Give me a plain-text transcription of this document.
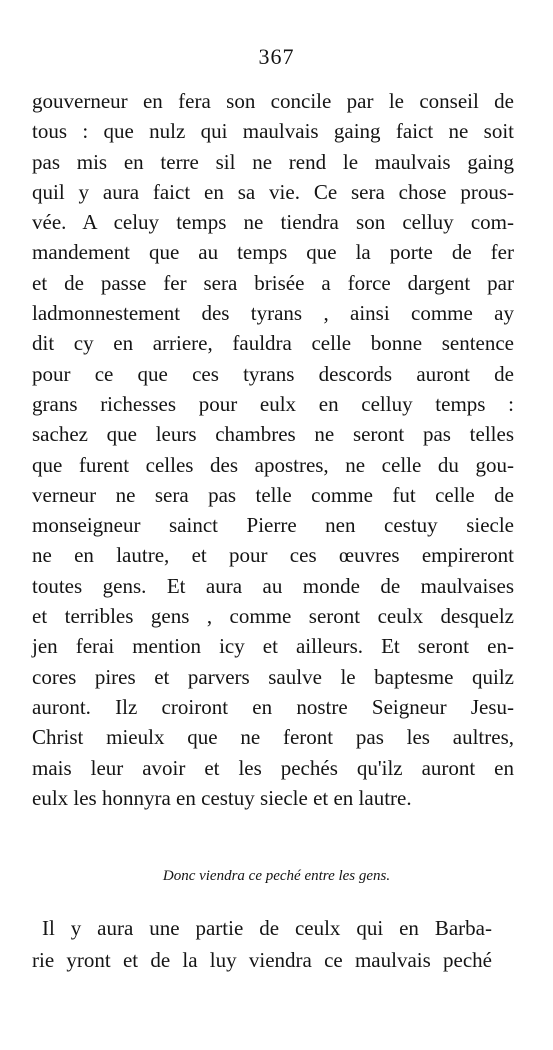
367
gouverneur en fera son concile par le conseil de
tous : que nulz qui maulvais gaing faict ne soit
pas mis en terre sil ne rend le maulvais gaing
quil y aura faict en sa vie. Ce sera chose prous-
vée. A celuy temps ne tiendra son celluy com-
mandement que au temps que la porte de fer
et de passe fer sera brisée a force dargent par
ladmonnestement des tyrans , ainsi comme ay
dit cy en arriere, fauldra celle bonne sentence
pour ce que ces tyrans descords auront de
grans richesses pour eulx en celluy temps :
sachez que leurs chambres ne seront pas telles
que furent celles des apostres, ne celle du gou-
verneur ne sera pas telle comme fut celle de
monseigneur sainct Pierre nen cestuy siecle
ne en lautre, et pour ces œuvres empireront
toutes gens. Et aura au monde de maulvaises
et terribles gens , comme seront ceulx desquelz
jen ferai mention icy et ailleurs. Et seront en-
cores pires et parvers saulve le baptesme quilz
auront. Ilz croiront en nostre Seigneur Jesu-
Christ mieulx que ne feront pas les aultres,
mais leur avoir et les pechés qu'ilz auront en
eulx les honnyra en cestuy siecle et en lautre.
Donc viendra ce peché entre les gens.
Il y aura une partie de ceulx qui en Barba-
rie yront et de la luy viendra ce maulvais peché
